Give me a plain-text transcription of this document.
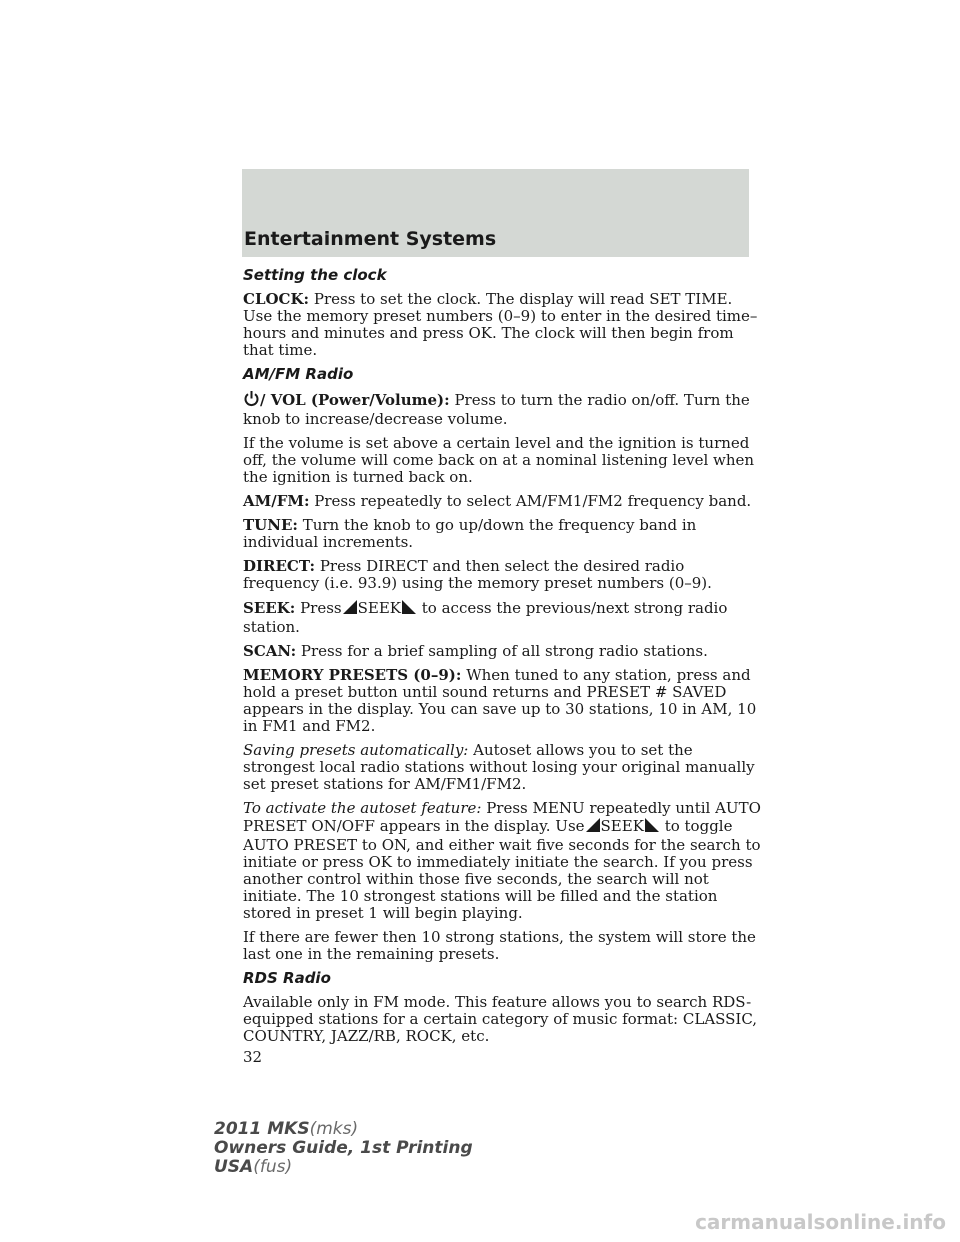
Entertainment Systems
Setting the clock

CLOCK: Press to set the clock. The display will read SET TIME. Use the memory preset numbers (0–9) to enter in the desired time– hours and minutes and press OK. The clock will then begin from that time.

AM/FM Radio

/ VOL (Power/Volume): Press to turn the radio on/off. Turn the knob to increase/decrease volume.

If the volume is set above a certain level and the ignition is turned off, the volume will come back on at a nominal listening level when the ignition is turned back on.

AM/FM: Press repeatedly to select AM/FM1/FM2 frequency band.

TUNE: Turn the knob to go up/down the frequency band in individual increments.

DIRECT: Press DIRECT and then select the desired radio frequency (i.e. 93.9) using the memory preset numbers (0–9).

SEEK: Press SEEK to access the previous/next strong radio station.

SCAN: Press for a brief sampling of all strong radio stations.

MEMORY PRESETS (0–9): When tuned to any station, press and hold a preset button until sound returns and PRESET # SAVED appears in the display. You can save up to 30 stations, 10 in AM, 10 in FM1 and FM2.

Saving presets automatically: Autoset allows you to set the strongest local radio stations without losing your original manually set preset stations for AM/FM1/FM2.

To activate the autoset feature: Press MENU repeatedly until AUTO PRESET ON/OFF appears in the display. Use SEEK to toggle AUTO PRESET to ON, and either wait five seconds for the search to initiate or press OK to immediately initiate the search. If you press another control within those five seconds, the search will not initiate. The 10 strongest stations will be filled and the station stored in preset 1 will begin playing.

If there are fewer then 10 strong stations, the system will store the last one in the remaining presets.

RDS Radio

Available only in FM mode. This feature allows you to search RDS-equipped stations for a certain category of music format: CLASSIC, COUNTRY, JAZZ/RB, ROCK, etc.

32
2011 MKS(mks)
Owners Guide, 1st Printing
USA(fus)
carmanualsonline.info
